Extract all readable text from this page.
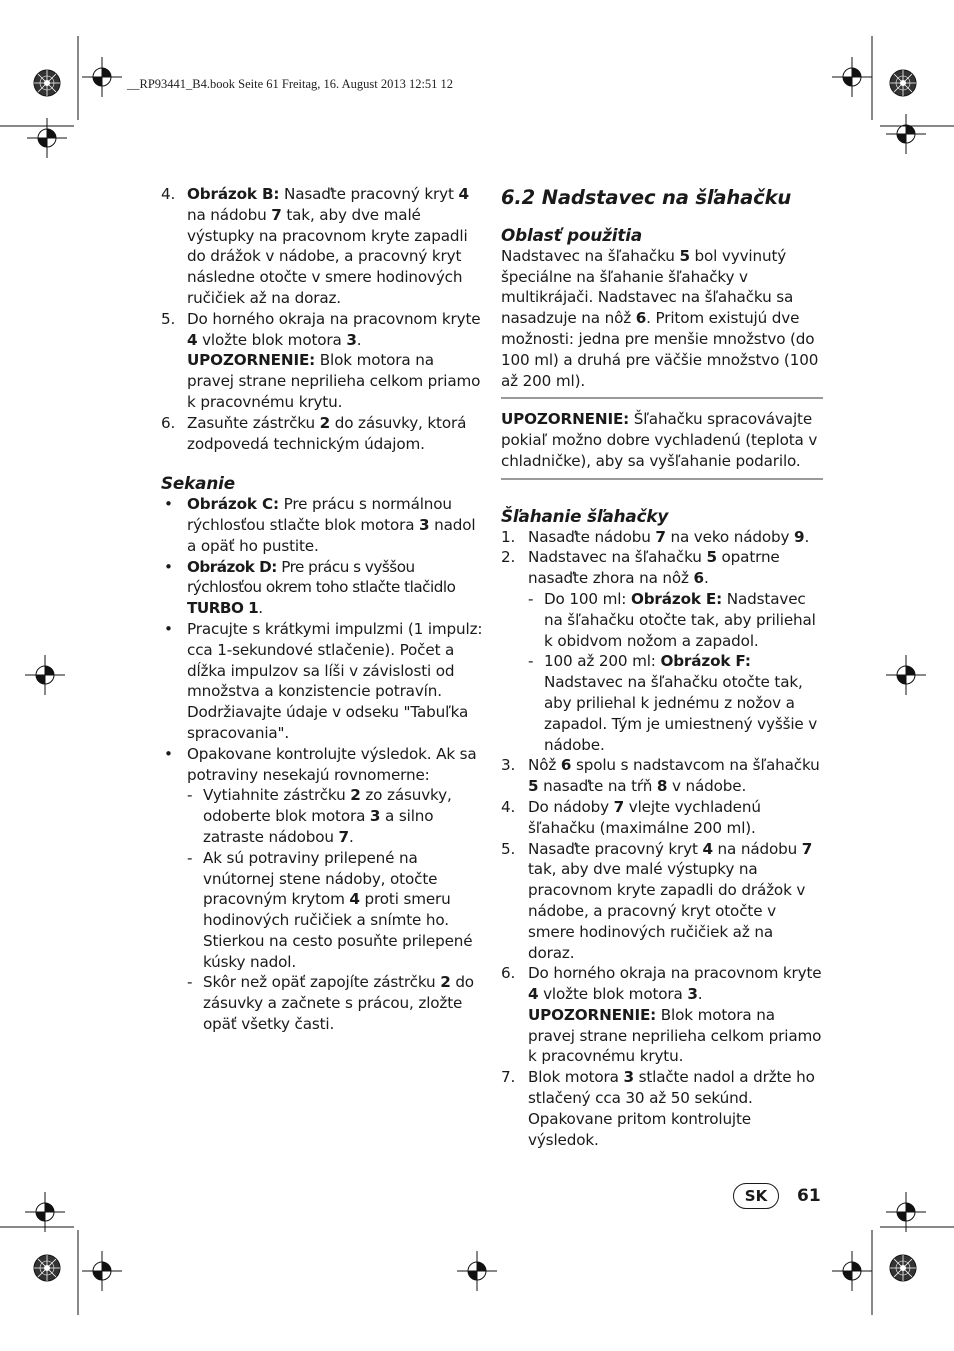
__RP93441_B4.book Seite 61 Freitag, 16. August 2013 12:51 12
4. Obrázok B: Nasaďte pracovný kryt 4 na nádobu 7 tak, aby dve malé výstupky na pracovnom kryte zapadli do drážok v nádobe, a pracovný kryt následne otočte v smere hodinových ručičiek až na doraz.
5. Do horného okraja na pracovnom kryte 4 vložte blok motora 3.
UPOZORNENIE: Blok motora na pravej strane neprilieha celkom priamo k pracovnému krytu.
6. Zasuňte zástrčku 2 do zásuvky, ktorá zodpovedá technickým údajom.
Sekanie
• Obrázok C: Pre prácu s normálnou rýchlosťou stlačte blok motora 3 nadol a opäť ho pustite.
• Obrázok D: Pre prácu s vyššou rýchlosťou okrem toho stlačte tlačidlo TURBO 1.
• Pracujte s krátkymi impulzmi (1 impulz: cca 1-sekundové stlačenie). Počet a dĺžka impulzov sa líši v závislosti od množstva a konzistencie potravín. Dodržiavajte údaje v odseku "Tabuľka spracovania".
• Opakovane kontrolujte výsledok. Ak sa potraviny nesekajú rovnomerne:
- Vytiahnite zástrčku 2 zo zásuvky, odoberte blok motora 3 a silno zatraste nádobou 7.
- Ak sú potraviny prilepené na vnútornej stene nádoby, otočte pracovným krytom 4 proti smeru hodinových ručičiek a snímte ho. Stierkou na cesto posuňte prilepené kúsky nadol.
- Skôr než opäť zapojíte zástrčku 2 do zásuvky a začnete s prácou, zložte opäť všetky časti.
6.2 Nadstavec na šľahačku
Oblasť použitia
Nadstavec na šľahačku 5 bol vyvinutý špeciálne na šľahanie šľahačky v multikrájači. Nadstavec na šľahačku sa nasadzuje na nôž 6. Pritom existujú dve možnosti: jedna pre menšie množstvo (do 100 ml) a druhá pre väčšie množstvo (100 až 200 ml).
UPOZORNENIE: Šľahačku spracovávajte pokiaľ možno dobre vychladenú (teplota v chladničke), aby sa vyšľahanie podarilo.
Šľahanie šľahačky
1. Nasaďte nádobu 7 na veko nádoby 9.
2. Nadstavec na šľahačku 5 opatrne nasaďte zhora na nôž 6.
- Do 100 ml: Obrázok E: Nadstavec na šľahačku otočte tak, aby priliehal k obidvom nožom a zapadol.
- 100 až 200 ml: Obrázok F: Nadstavec na šľahačku otočte tak, aby priliehal k jednému z nožov a zapadol. Tým je umiestnený vyššie v nádobe.
3. Nôž 6 spolu s nadstavcom na šľahačku 5 nasaďte na tŕň 8 v nádobe.
4. Do nádoby 7 vlejte vychladenú šľahačku (maximálne 200 ml).
5. Nasaďte pracovný kryt 4 na nádobu 7 tak, aby dve malé výstupky na pracovnom kryte zapadli do drážok v nádobe, a pracovný kryt otočte v smere hodinových ručičiek až na doraz.
6. Do horného okraja na pracovnom kryte 4 vložte blok motora 3.
UPOZORNENIE: Blok motora na pravej strane neprilieha celkom priamo k pracovnému krytu.
7. Blok motora 3 stlačte nadol a držte ho stlačený cca 30 až 50 sekúnd. Opakovane pritom kontrolujte výsledok.
SK	61
